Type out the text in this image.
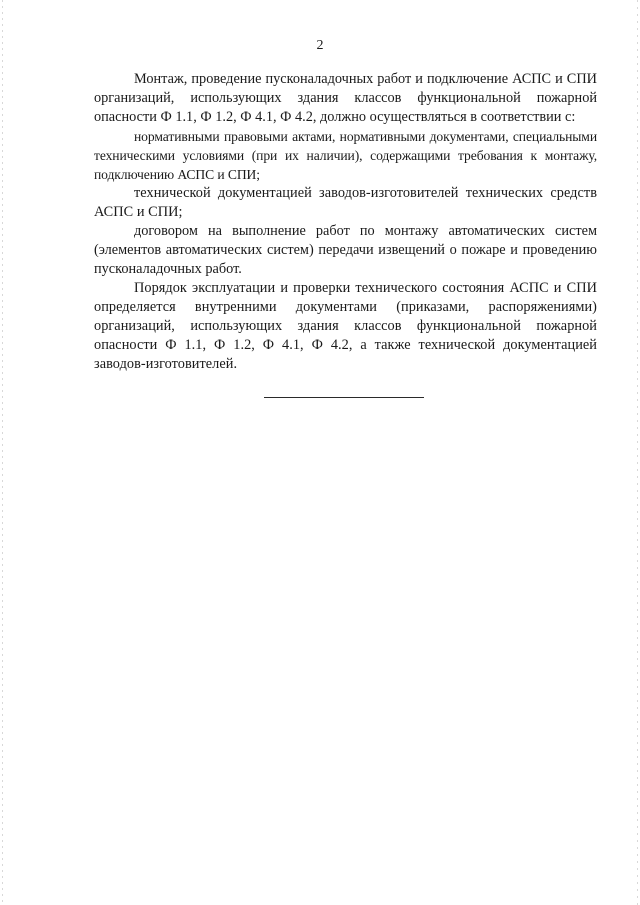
2

Монтаж, проведение пусконаладочных работ и подключение АСПС и СПИ организаций, использующих здания классов функциональной пожарной опасности Ф 1.1, Ф 1.2, Ф 4.1, Ф 4.2, должно осуществляться в соответствии с:

нормативными правовыми актами, нормативными документами, специальными техническими условиями (при их наличии), содержащими требования к монтажу, подключению АСПС и СПИ;

технической документацией заводов-изготовителей технических средств АСПС и СПИ;

договором на выполнение работ по монтажу автоматических систем (элементов автоматических систем) передачи извещений о пожаре и проведению пусконаладочных работ.

Порядок эксплуатации и проверки технического состояния АСПС и СПИ определяется внутренними документами (приказами, распоряжениями) организаций, использующих здания классов функциональной пожарной опасности Ф 1.1, Ф 1.2, Ф 4.1, Ф 4.2, а также технической документацией заводов-изготовителей.
